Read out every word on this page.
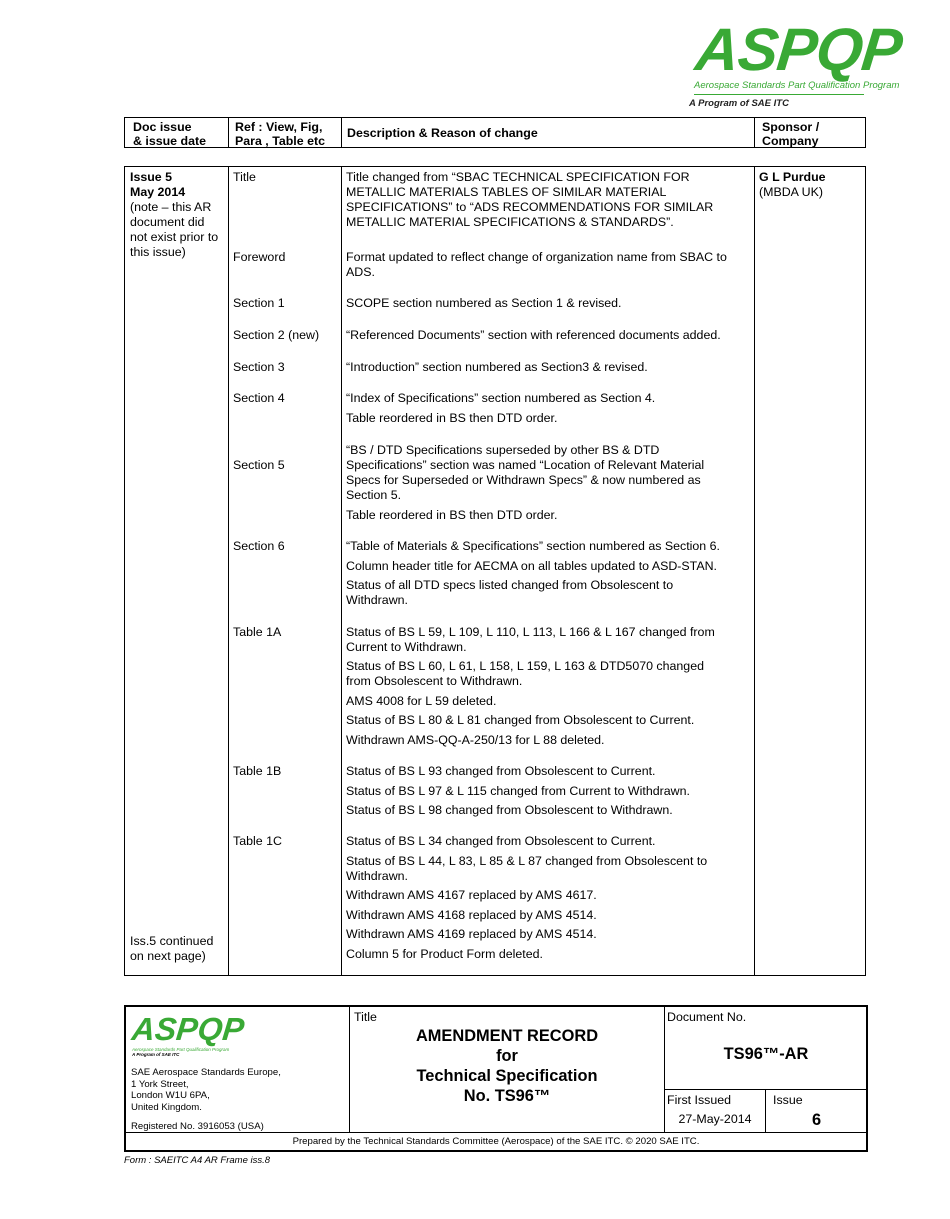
ASPQP
Aerospace Standards Part Qualification Program
A Program of SAE ITC
Doc issue
& issue date
Ref : View, Fig,
Para , Table etc
Description & Reason of change	Sponsor /
Company
Issue 5
May 2014
(note – this AR
document did
not exist prior to
this issue)
Iss.5 continued
on next page)
G L Purdue
(MBDA UK)
Title
Foreword
Section 1
Section 2 (new)
Section 3
Section 4
Section 5
Section 6
Table 1A
Table 1B
Table 1C
Title changed from “SBAC TECHNICAL SPECIFICATION FOR
METALLIC MATERIALS TABLES OF SIMILAR MATERIAL
SPECIFICATIONS” to “ADS RECOMMENDATIONS FOR SIMILAR
METALLIC MATERIAL SPECIFICATIONS & STANDARDS”.
Format updated to reflect change of organization name from SBAC to
ADS.
SCOPE section numbered as Section 1 & revised.
“Referenced Documents” section with referenced documents added.
“Introduction” section numbered as Section3 & revised.
“Index of Specifications” section numbered as Section 4.
Table reordered in BS then DTD order.
“BS / DTD Specifications superseded by other BS & DTD
Specifications” section was named “Location of Relevant Material
Specs for Superseded or Withdrawn Specs” & now numbered as
Section 5.
Table reordered in BS then DTD order.
“Table of Materials & Specifications” section numbered as Section 6.
Column header title for AECMA on all tables updated to ASD-STAN.
Status of all DTD specs listed changed from Obsolescent to
Withdrawn.
Status of BS L 59, L 109, L 110, L 113, L 166 & L 167 changed from
Current to Withdrawn.
Status of BS L 60, L 61, L 158, L 159, L 163 & DTD5070 changed
from Obsolescent to Withdrawn.
AMS 4008 for L 59 deleted.
Status of BS L 80 & L 81 changed from Obsolescent to Current.
Withdrawn AMS-QQ-A-250/13 for L 88 deleted.
Status of BS L 93 changed from Obsolescent to Current.
Status of BS L 97 & L 115 changed from Current to Withdrawn.
Status of BS L 98 changed from Obsolescent to Withdrawn.
Status of BS L 34 changed from Obsolescent to Current.
Status of BS L 44, L 83, L 85 & L 87 changed from Obsolescent to
Withdrawn.
Withdrawn AMS 4167 replaced by AMS 4617.
Withdrawn AMS 4168 replaced by AMS 4514.
Withdrawn AMS 4169 replaced by AMS 4514.
Column 5 for Product Form deleted.
ASPQP
Aerospace Standards Part Qualification Program
A Program of SAE ITC
SAE Aerospace Standards Europe,
1 York Street,
London W1U 6PA,
United Kingdom.
Registered No. 3916053 (USA)
Title
AMENDMENT RECORD
for
Technical Specification
No. TS96™
Document No.
TS96™-AR
First Issued
27-May-2014
Issue
6
Prepared by the Technical Standards Committee (Aerospace) of the SAE ITC. © 2020 SAE ITC.
Form : SAEITC A4 AR Frame iss.8
